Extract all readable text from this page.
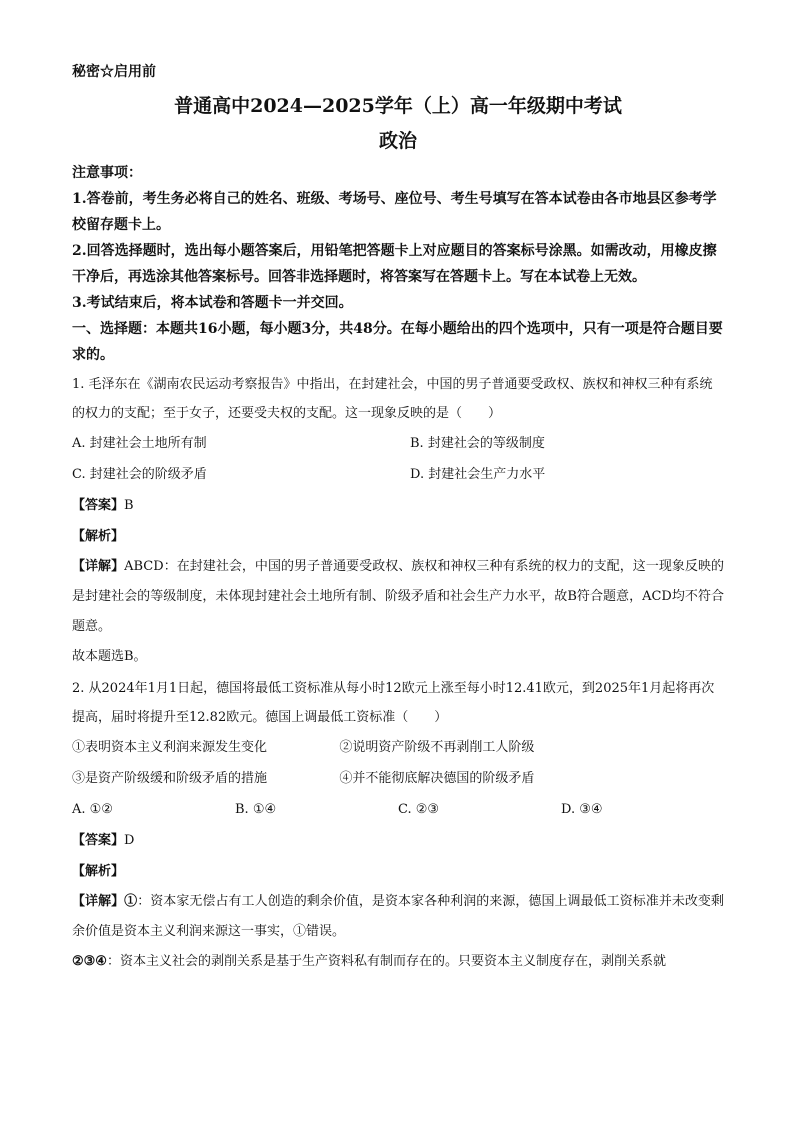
秘密☆启用前

普通高中2024—2025学年（上）高一年级期中考试

政治

注意事项：

1.答卷前，考生务必将自己的姓名、班级、考场号、座位号、考生号填写在答本试卷由各市地县区参考学校留存题卡上。

2.回答选择题时，选出每小题答案后，用铅笔把答题卡上对应题目的答案标号涂黑。如需改动，用橡皮擦干净后，再选涂其他答案标号。回答非选择题时，将答案写在答题卡上。写在本试卷上无效。

3.考试结束后，将本试卷和答题卡一并交回。

一、选择题：本题共16小题，每小题3分，共48分。在每小题给出的四个选项中，只有一项是符合题目要求的。

1. 毛泽东在《湖南农民运动考察报告》中指出，在封建社会，中国的男子普通要受政权、族权和神权三种有系统的权力的支配；至于女子，还要受夫权的支配。这一现象反映的是（　　）

A. 封建社会土地所有制	B. 封建社会的等级制度
C. 封建社会的阶级矛盾	D. 封建社会生产力水平

【答案】B

【解析】

【详解】ABCD：在封建社会，中国的男子普通要受政权、族权和神权三种有系统的权力的支配，这一现象反映的是封建社会的等级制度，未体现封建社会土地所有制、阶级矛盾和社会生产力水平，故B符合题意，ACD均不符合题意。

故本题选B。

2. 从2024年1月1日起，德国将最低工资标准从每小时12欧元上涨至每小时12.41欧元，到2025年1月起将再次提高，届时将提升至12.82欧元。德国上调最低工资标准（　　）

①表明资本主义利润来源发生变化	②说明资产阶级不再剥削工人阶级
③是资产阶级缓和阶级矛盾的措施	④并不能彻底解决德国的阶级矛盾
A. ①②	B. ①④	C. ②③	D. ③④

【答案】D

【解析】

【详解】①：资本家无偿占有工人创造的剩余价值，是资本家各种利润的来源，德国上调最低工资标准并未改变剩余价值是资本主义利润来源这一事实，①错误。

②③④：资本主义社会的剥削关系是基于生产资料私有制而存在的。只要资本主义制度存在，剥削关系就
